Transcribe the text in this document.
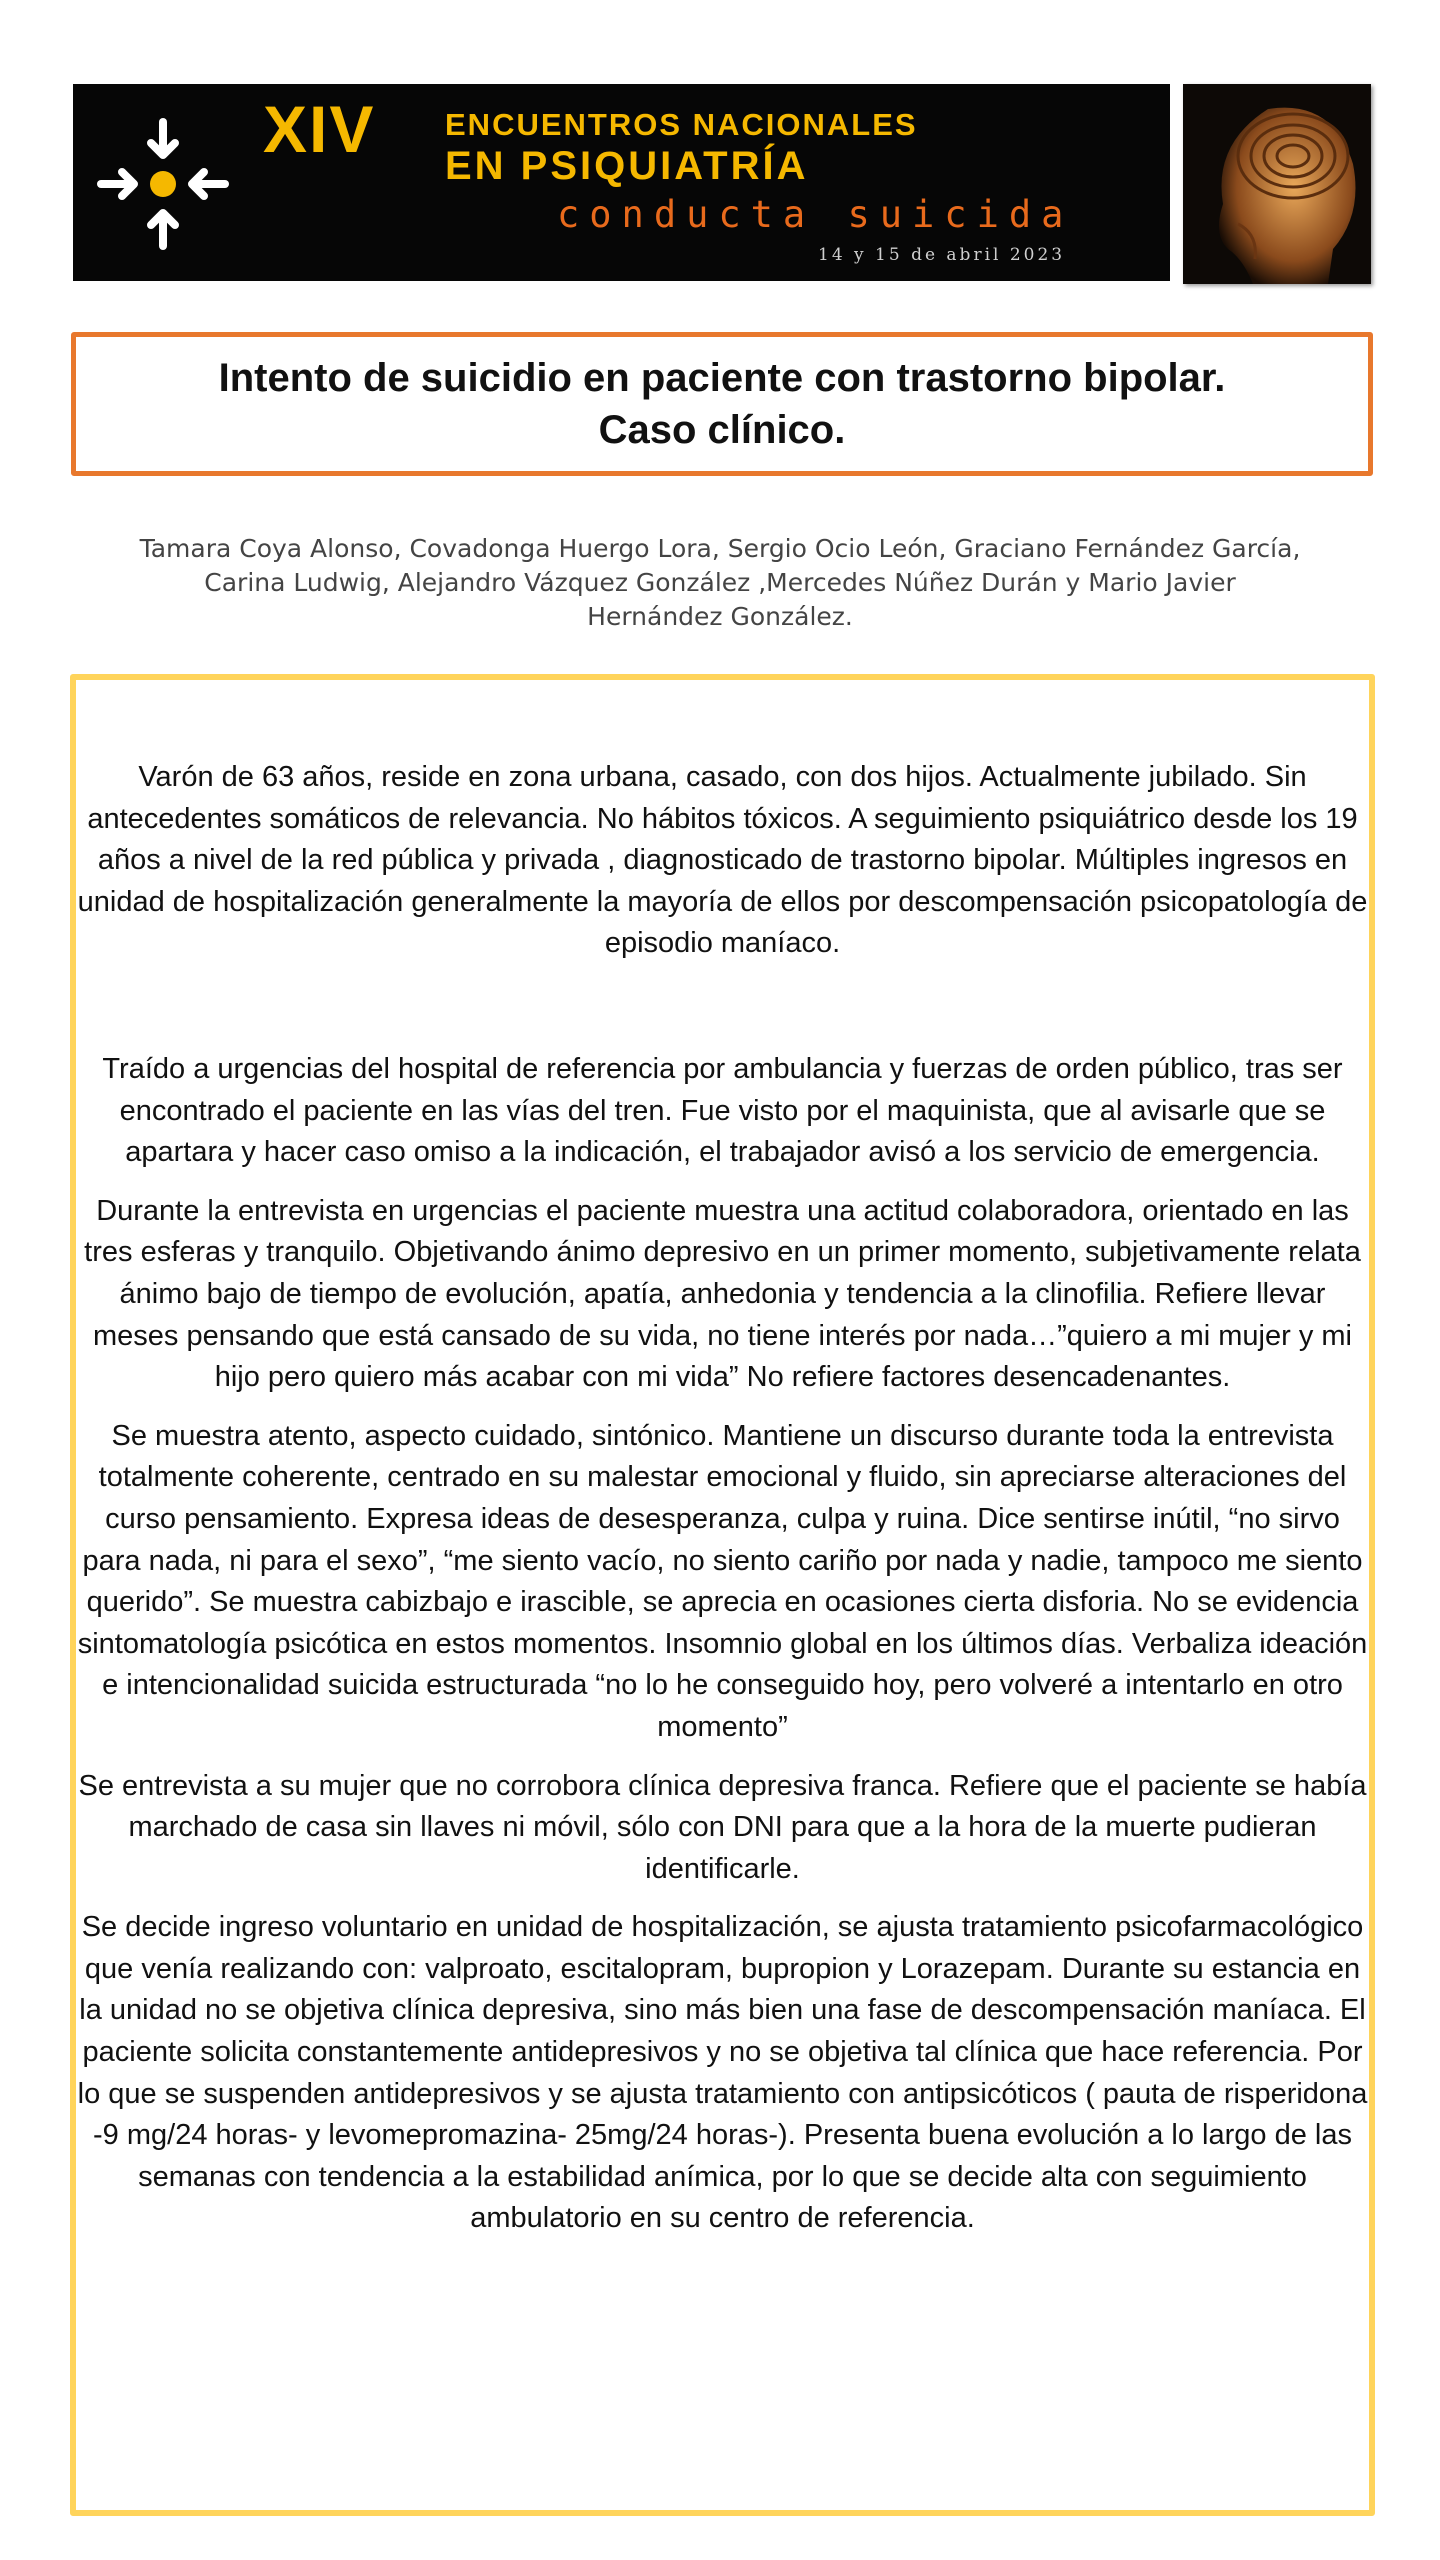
XIV ENCUENTROS NACIONALES
EN PSIQUIATRÍA
conducta suicida
14 y 15 de abril 2023
Intento de suicidio en paciente con trastorno bipolar.
Caso clínico.
Tamara Coya Alonso, Covadonga Huergo Lora, Sergio Ocio León, Graciano Fernández García,
Carina Ludwig, Alejandro Vázquez González ,Mercedes Núñez Durán y Mario Javier
Hernández González.

Varón de 63 años, reside en zona urbana, casado, con dos hijos. Actualmente jubilado. Sin antecedentes somáticos de relevancia. No hábitos tóxicos. A seguimiento psiquiátrico desde los 19 años a nivel de la red pública y privada , diagnosticado de trastorno bipolar. Múltiples ingresos en unidad de hospitalización generalmente la mayoría de ellos por descompensación psicopatología de episodio maníaco.

Traído a urgencias del hospital de referencia por ambulancia y fuerzas de orden público, tras ser encontrado el paciente en las vías del tren. Fue visto por el maquinista, que al avisarle que se apartara y hacer caso omiso a la indicación, el trabajador avisó a los servicio de emergencia.

Durante la entrevista en urgencias el paciente muestra una actitud colaboradora, orientado en las tres esferas y tranquilo. Objetivando ánimo depresivo en un primer momento, subjetivamente relata ánimo bajo de tiempo de evolución, apatía, anhedonia y tendencia a la clinofilia. Refiere llevar meses pensando que está cansado de su vida, no tiene interés por nada…”quiero a mi mujer y mi hijo pero quiero más acabar con mi vida” No refiere factores desencadenantes.

Se muestra atento, aspecto cuidado, sintónico. Mantiene un discurso durante toda la entrevista totalmente coherente, centrado en su malestar emocional y fluido, sin apreciarse alteraciones del curso pensamiento. Expresa ideas de desesperanza, culpa y ruina. Dice sentirse inútil, “no sirvo para nada, ni para el sexo”, “me siento vacío, no siento cariño por nada y nadie, tampoco me siento querido”. Se muestra cabizbajo e irascible, se aprecia en ocasiones cierta disforia. No se evidencia sintomatología psicótica en estos momentos. Insomnio global en los últimos días. Verbaliza ideación e intencionalidad suicida estructurada “no lo he conseguido hoy, pero volveré a intentarlo en otro momento”

Se entrevista a su mujer que no corrobora clínica depresiva franca. Refiere que el paciente se había marchado de casa sin llaves ni móvil, sólo con DNI para que a la hora de la muerte pudieran identificarle.

Se decide ingreso voluntario en unidad de hospitalización, se ajusta tratamiento psicofarmacológico que venía realizando con: valproato, escitalopram, bupropion y Lorazepam. Durante su estancia en la unidad no se objetiva clínica depresiva, sino más bien una fase de descompensación maníaca. El paciente solicita constantemente antidepresivos y no se objetiva tal clínica que hace referencia. Por lo que se suspenden antidepresivos y se ajusta tratamiento con antipsicóticos ( pauta de risperidona -9 mg/24 horas- y levomepromazina- 25mg/24 horas-). Presenta buena evolución a lo largo de las semanas con tendencia a la estabilidad anímica, por lo que se decide alta con seguimiento ambulatorio en su centro de referencia.
